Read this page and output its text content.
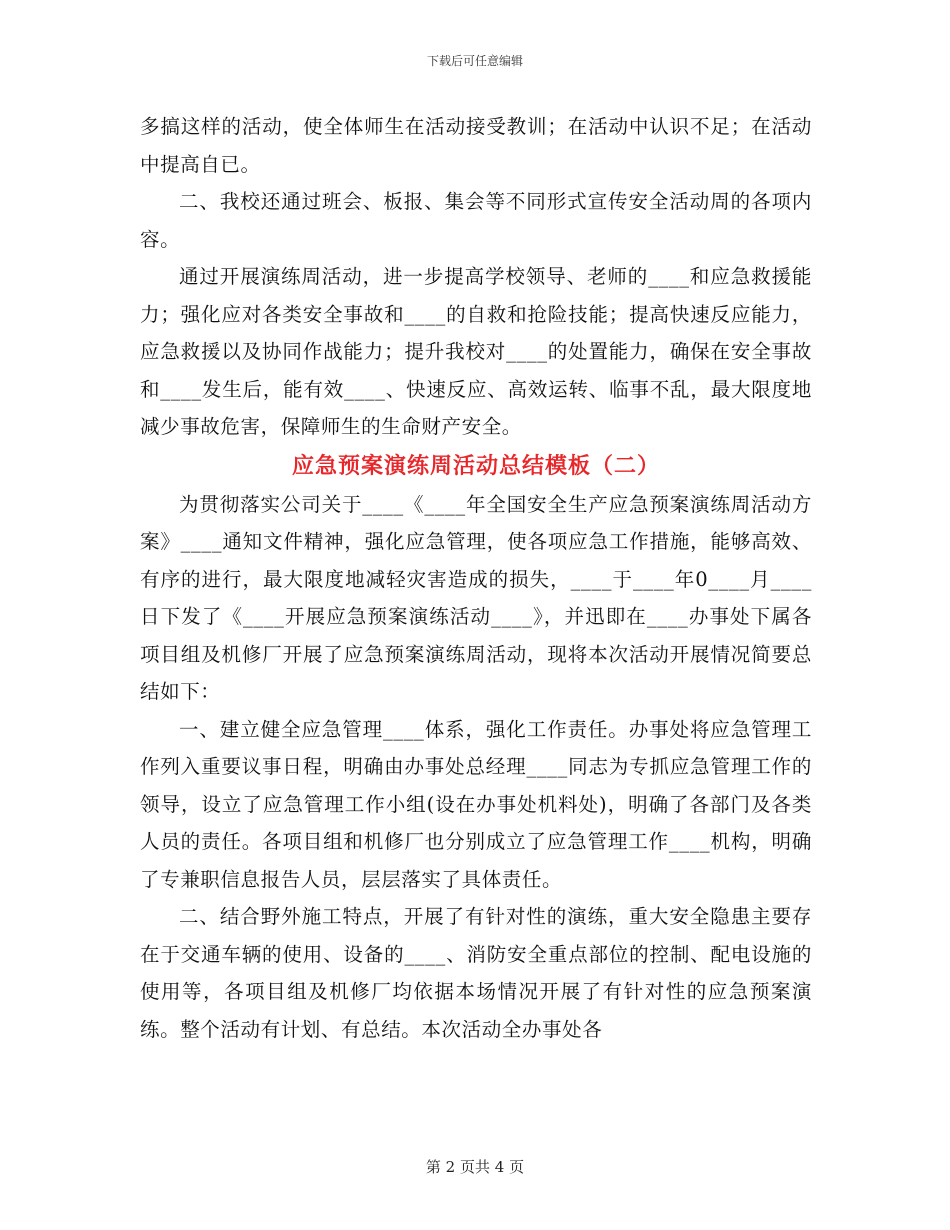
下载后可任意编辑

多搞这样的活动，使全体师生在活动接受教训；在活动中认识不足；在活动中提高自已。

二、我校还通过班会、板报、集会等不同形式宣传安全活动周的各项内容。

通过开展演练周活动，进一步提高学校领导、老师的____和应急救援能力；强化应对各类安全事故和____的自救和抢险技能；提高快速反应能力，应急救援以及协同作战能力；提升我校对____的处置能力，确保在安全事故和____发生后，能有效____、快速反应、高效运转、临事不乱，最大限度地减少事故危害，保障师生的生命财产安全。

应急预案演练周活动总结模板（二）

为贯彻落实公司关于____《____年全国安全生产应急预案演练周活动方案》____通知文件精神，强化应急管理，使各项应急工作措施，能够高效、有序的进行，最大限度地减轻灾害造成的损失，____于____年0____月____日下发了《____开展应急预案演练活动____》，并迅即在____办事处下属各项目组及机修厂开展了应急预案演练周活动，现将本次活动开展情况简要总结如下：

一、建立健全应急管理____体系，强化工作责任。办事处将应急管理工作列入重要议事日程，明确由办事处总经理____同志为专抓应急管理工作的领导，设立了应急管理工作小组(设在办事处机料处)，明确了各部门及各类人员的责任。各项目组和机修厂也分别成立了应急管理工作____机构，明确了专兼职信息报告人员，层层落实了具体责任。

二、结合野外施工特点，开展了有针对性的演练，重大安全隐患主要存在于交通车辆的使用、设备的____、消防安全重点部位的控制、配电设施的使用等，各项目组及机修厂均依据本场情况开展了有针对性的应急预案演练。整个活动有计划、有总结。本次活动全办事处各

第 2 页共 4 页
